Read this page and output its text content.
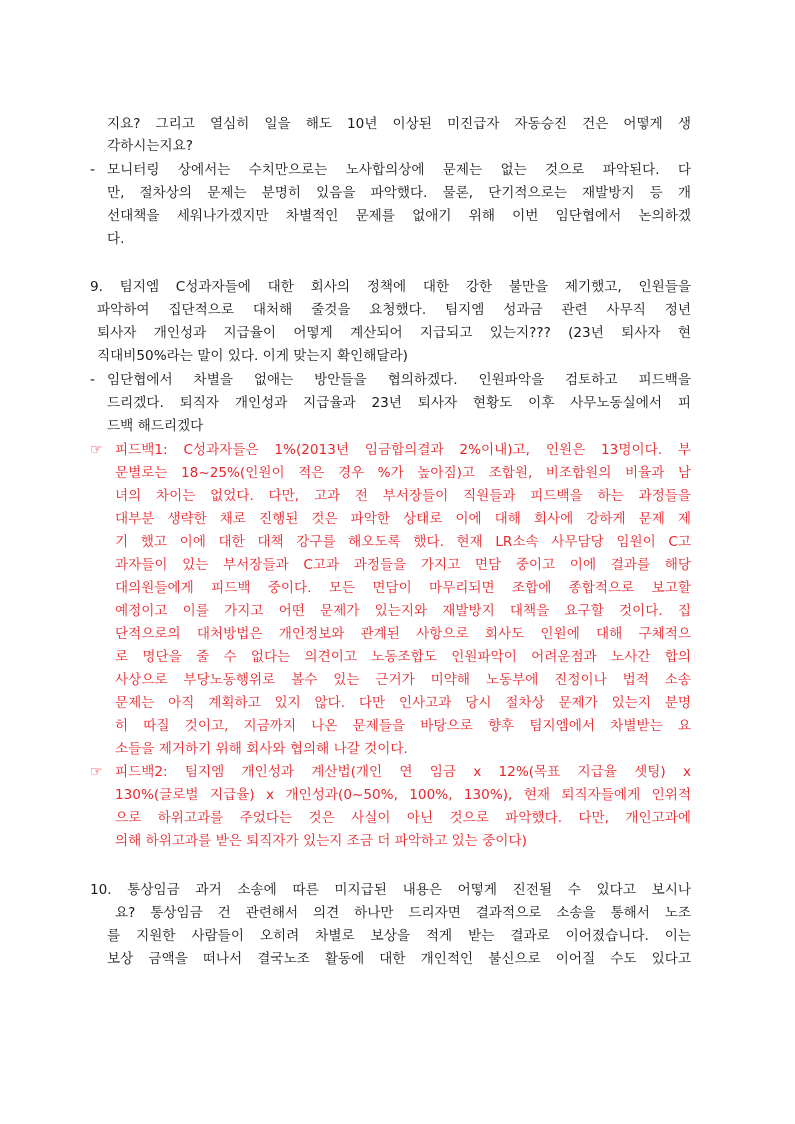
지요? 그리고 열심히 일을 해도 10년 이상된 미진급자 자동승진 건은 어떻게 생
각하시는지요?
- 모니터링 상에서는 수치만으로는 노사합의상에 문제는 없는 것으로 파악된다. 다
만, 절차상의 문제는 분명히 있음을 파악했다. 물론, 단기적으로는 재발방지 등 개
선대책을 세워나가겠지만 차별적인 문제를 없애기 위해 이번 임단협에서 논의하겠
다.
9. 팀지엠 C성과자들에 대한 회사의 정책에 대한 강한 불만을 제기했고, 인원들을
파악하여 집단적으로 대처해 줄것을 요청했다. 팀지엠 성과금 관련 사무직 정년
퇴사자 개인성과 지급율이 어떻게 계산되어 지급되고 있는지??? (23년 퇴사자 현
직대비50%라는 말이 있다. 이게 맞는지 확인해달라)
- 임단협에서 차별을 없애는 방안들을 협의하겠다. 인원파악을 검토하고 피드백을
드리겠다. 퇴직자 개인성과 지급율과 23년 퇴사자 현황도 이후 사무노동실에서 피
드백 해드리겠다
☞ 피드백1: C성과자들은 1%(2013년 임금합의결과 2%이내)고, 인원은 13명이다. 부
문별로는 18~25%(인원이 적은 경우 %가 높아짐)고 조합원, 비조합원의 비율과 남
녀의 차이는 없었다. 다만, 고과 전 부서장들이 직원들과 피드백을 하는 과정들을
대부분 생략한 채로 진행된 것은 파악한 상태로 이에 대해 회사에 강하게 문제 제
기 했고 이에 대한 대책 강구를 해오도록 했다. 현재 LR소속 사무담당 임원이 C고
과자들이 있는 부서장들과 C고과 과정들을 가지고 면담 중이고 이에 결과를 해당
대의원들에게 피드백 중이다. 모든 면담이 마무리되면 조합에 종합적으로 보고할
예정이고 이를 가지고 어떤 문제가 있는지와 재발방지 대책을 요구할 것이다. 집
단적으로의 대처방법은 개인정보와 관계된 사항으로 회사도 인원에 대해 구체적으
로 명단을 줄 수 없다는 의견이고 노동조합도 인원파악이 어려운점과 노사간 합의
사상으로 부당노동행위로 볼수 있는 근거가 미약해 노동부에 진정이나 법적 소송
문제는 아직 계획하고 있지 않다. 다만 인사고과 당시 절차상 문제가 있는지 분명
히 따질 것이고, 지금까지 나온 문제들을 바탕으로 향후 팀지엠에서 차별받는 요
소들을 제거하기 위해 회사와 협의해 나갈 것이다.
☞ 피드백2: 팀지엠 개인성과 계산법(개인 연 임금 x 12%(목표 지급율 셋팅) x
130%(글로벌 지급율) x 개인성과(0~50%, 100%, 130%), 현재 퇴직자들에게 인위적
으로 하위고과를 주었다는 것은 사실이 아닌 것으로 파악했다. 다만, 개인고과에
의해 하위고과를 받은 퇴직자가 있는지 조금 더 파악하고 있는 중이다)
10. 통상임금 과거 소송에 따른 미지급된 내용은 어떻게 진전될 수 있다고 보시나
요? 통상임금 건 관련해서 의견 하나만 드리자면 결과적으로 소송을 통해서 노조
를 지원한 사람들이 오히려 차별로 보상을 적게 받는 결과로 이어졌습니다. 이는
보상 금액을 떠나서 결국노조 활동에 대한 개인적인 불신으로 이어질 수도 있다고
